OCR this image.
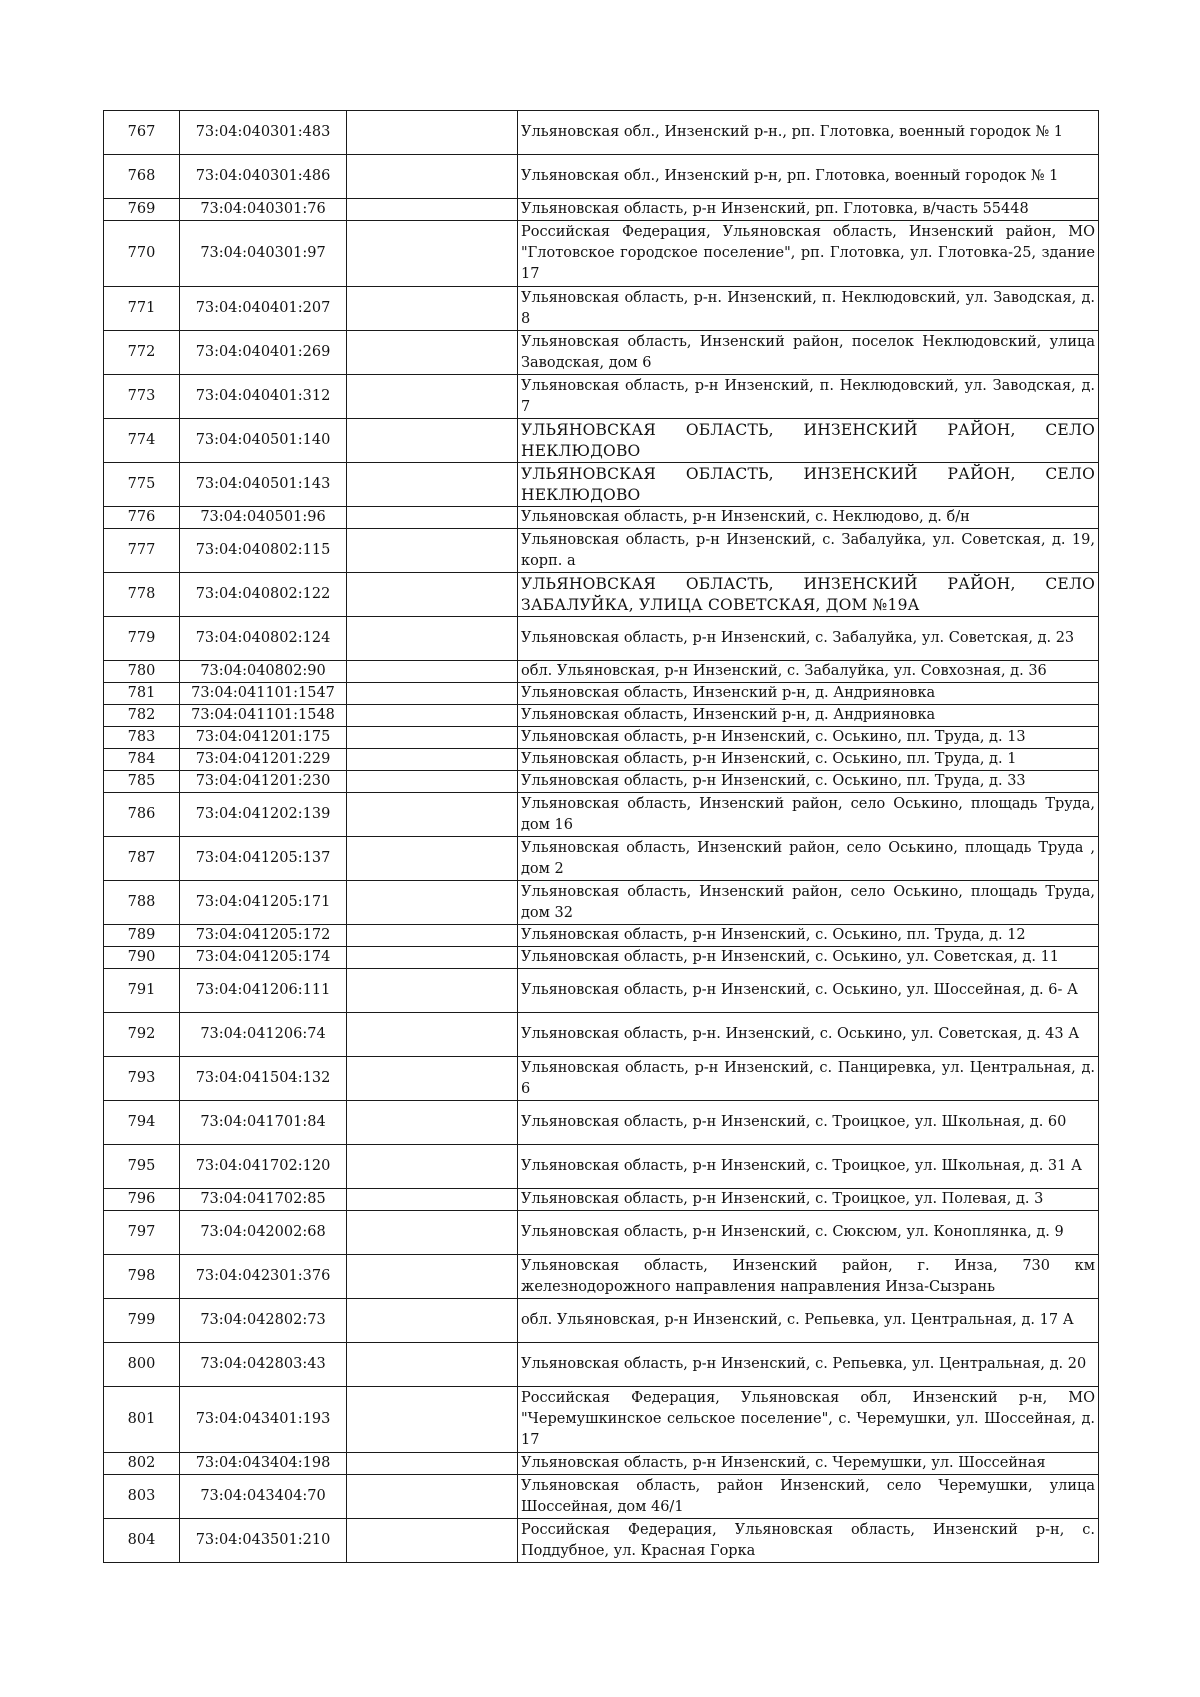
767	73:04:040301:483		Ульяновская обл., Инзенский р-н., рп. Глотовка, военный городок № 1
768	73:04:040301:486		Ульяновская обл., Инзенский р-н, рп. Глотовка, военный городок № 1
769	73:04:040301:76		Ульяновская область, р-н Инзенский, рп. Глотовка, в/часть 55448
770	73:04:040301:97		Российская Федерация, Ульяновская область, Инзенский район, МО "Глотовское городское поселение", рп. Глотовка, ул. Глотовка-25, здание 17
771	73:04:040401:207		Ульяновская область, р-н. Инзенский, п. Неклюдовский, ул. Заводская, д. 8
772	73:04:040401:269		Ульяновская область, Инзенский район, поселок Неклюдовский, улица Заводская, дом 6
773	73:04:040401:312		Ульяновская область, р-н Инзенский, п. Неклюдовский, ул. Заводская, д. 7
774	73:04:040501:140		УЛЬЯНОВСКАЯ ОБЛАСТЬ, ИНЗЕНСКИЙ РАЙОН, СЕЛО НЕКЛЮДОВО
775	73:04:040501:143		УЛЬЯНОВСКАЯ ОБЛАСТЬ, ИНЗЕНСКИЙ РАЙОН, СЕЛО НЕКЛЮДОВО
776	73:04:040501:96		Ульяновская область, р-н Инзенский, с. Неклюдово, д. б/н
777	73:04:040802:115		Ульяновская область, р-н Инзенский, с. Забалуйка, ул. Советская, д. 19, корп. а
778	73:04:040802:122		УЛЬЯНОВСКАЯ ОБЛАСТЬ, ИНЗЕНСКИЙ РАЙОН, СЕЛО ЗАБАЛУЙКА, УЛИЦА СОВЕТСКАЯ, ДОМ №19А
779	73:04:040802:124		Ульяновская область, р-н Инзенский, с. Забалуйка, ул. Советская, д. 23
780	73:04:040802:90		обл. Ульяновская, р-н Инзенский, с. Забалуйка, ул. Совхозная, д. 36
781	73:04:041101:1547		Ульяновская область, Инзенский р-н, д. Андрияновка
782	73:04:041101:1548		Ульяновская область, Инзенский р-н, д. Андрияновка
783	73:04:041201:175		Ульяновская область, р-н Инзенский, с. Оськино, пл. Труда, д. 13
784	73:04:041201:229		Ульяновская область, р-н Инзенский, с. Оськино, пл. Труда, д. 1
785	73:04:041201:230		Ульяновская область, р-н Инзенский, с. Оськино, пл. Труда, д. 33
786	73:04:041202:139		Ульяновская область, Инзенский район, село Оськино, площадь Труда, дом 16
787	73:04:041205:137		Ульяновская область, Инзенский район, село Оськино, площадь Труда , дом 2
788	73:04:041205:171		Ульяновская область, Инзенский район, село Оськино, площадь Труда, дом 32
789	73:04:041205:172		Ульяновская область, р-н Инзенский, с. Оськино, пл. Труда, д. 12
790	73:04:041205:174		Ульяновская область, р-н Инзенский, с. Оськино, ул. Советская, д. 11
791	73:04:041206:111		Ульяновская область, р-н Инзенский, с. Оськино, ул. Шоссейная, д. 6- А
792	73:04:041206:74		Ульяновская область, р-н. Инзенский, с. Оськино, ул. Советская, д. 43 А
793	73:04:041504:132		Ульяновская область, р-н Инзенский, с. Панциревка, ул. Центральная, д. 6
794	73:04:041701:84		Ульяновская область, р-н Инзенский, с. Троицкое, ул. Школьная, д. 60
795	73:04:041702:120		Ульяновская область, р-н Инзенский, с. Троицкое, ул. Школьная, д. 31 А
796	73:04:041702:85		Ульяновская область, р-н Инзенский, с. Троицкое, ул. Полевая, д. 3
797	73:04:042002:68		Ульяновская область, р-н Инзенский, с. Сюксюм, ул. Коноплянка, д. 9
798	73:04:042301:376		Ульяновская область, Инзенский район, г. Инза, 730 км железнодорожного направления направления Инза-Сызрань
799	73:04:042802:73		обл. Ульяновская, р-н Инзенский, с. Репьевка, ул. Центральная, д. 17 А
800	73:04:042803:43		Ульяновская область, р-н Инзенский, с. Репьевка, ул. Центральная, д. 20
801	73:04:043401:193		Российская Федерация, Ульяновская обл, Инзенский р-н, МО "Черемушкинское сельское поселение", с. Черемушки, ул. Шоссейная, д. 17
802	73:04:043404:198		Ульяновская область, р-н Инзенский, с. Черемушки, ул. Шоссейная
803	73:04:043404:70		Ульяновская область, район Инзенский, село Черемушки, улица Шоссейная, дом 46/1
804	73:04:043501:210		Российская Федерация, Ульяновская область, Инзенский р-н, с. Поддубное, ул. Красная Горка
